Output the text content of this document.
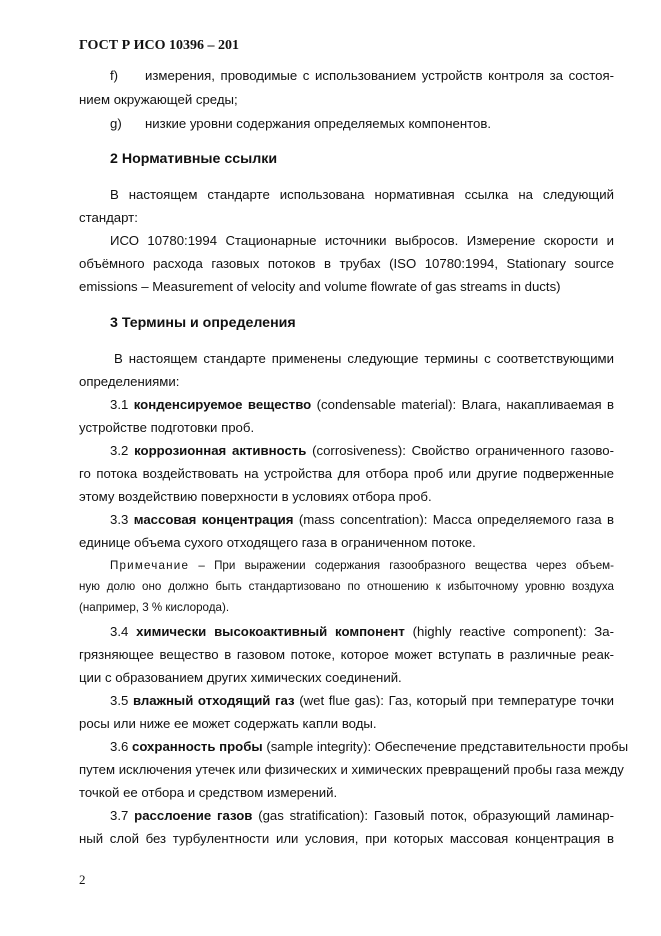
ГОСТ Р ИСО 10396 – 201
f) измерения, проводимые с использованием устройств контроля за состоя-
нием окружающей среды;
g) низкие уровни содержания определяемых компонентов.
2 Нормативные ссылки
В настоящем стандарте использована нормативная ссылка на следующий
стандарт:
ИСО 10780:1994 Стационарные источники выбросов. Измерение скорости и
объёмного расхода газовых потоков в трубах (ISO 10780:1994, Stationary source
emissions – Measurement of velocity and volume flowrate of gas streams in ducts)
3 Термины и определения
В настоящем стандарте применены следующие термины с соответствующими
определениями:
3.1 конденсируемое вещество (condensable material): Влага, накапливаемая в
устройстве подготовки проб.
3.2 коррозионная активность (corrosiveness): Свойство ограниченного газово-
го потока воздействовать на устройства для отбора проб или другие подверженные
этому воздействию поверхности в условиях отбора проб.
3.3 массовая концентрация (mass concentration): Масса определяемого газа в
единице объема сухого отходящего газа в ограниченном потоке.
Примечание – При выражении содержания газообразного вещества через объем-
ную долю оно должно быть стандартизовано по отношению к избыточному уровню воздуха
(например, 3 % кислорода).
3.4 химически высокоактивный компонент (highly reactive component): За-
грязняющее вещество в газовом потоке, которое может вступать в различные реак-
ции с образованием других химических соединений.
3.5 влажный отходящий газ (wet flue gas): Газ, который при температуре точки
росы или ниже ее может содержать капли воды.
3.6 сохранность пробы (sample integrity): Обеспечение представительности пробы
путем исключения утечек или физических и химических превращений пробы газа между
точкой ее отбора и средством измерений.
3.7 расслоение газов (gas stratification): Газовый поток, образующий ламинар-
ный слой без турбулентности или условия, при которых массовая концентрация в
2
